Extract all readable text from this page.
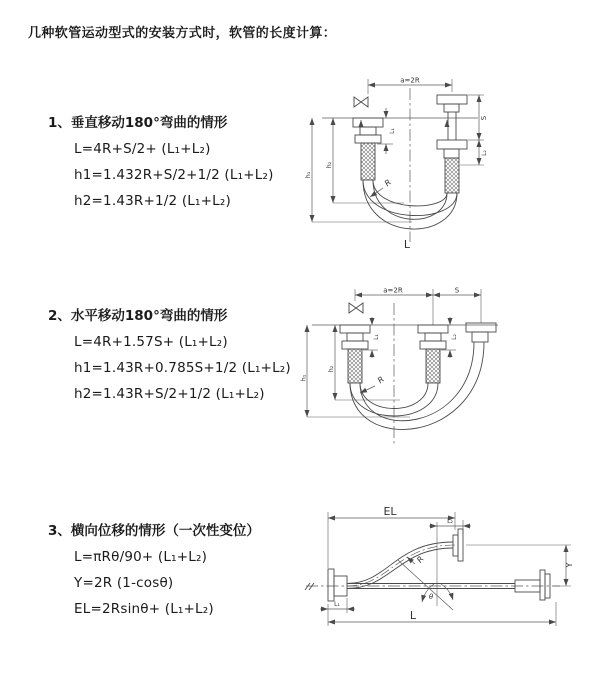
几种软管运动型式的安装方式时，软管的长度计算：
1、垂直移动180°弯曲的情形
L=4R+S/2+ (L₁+L₂)
h1=1.432R+S/2+1/2 (L₁+L₂)
h2=1.43R+1/2 (L₁+L₂)
2、水平移动180°弯曲的情形
L=4R+1.57S+ (L₁+L₂)
h1=1.43R+0.785S+1/2 (L₁+L₂)
h2=1.43R+S/2+1/2 (L₁+L₂)
3、横向位移的情形（一次性变位）
L=πRθ/90+ (L₁+L₂)
Y=2R (1-cosθ)
EL=2Rsinθ+ (L₁+L₂)
a=2R
L₁
S
L₂
h₁
h₂
R
L
a=2R	S
L₁	L₂
h₁
h₂
R
EL
L₂
L
L₁
Y
θ
R
